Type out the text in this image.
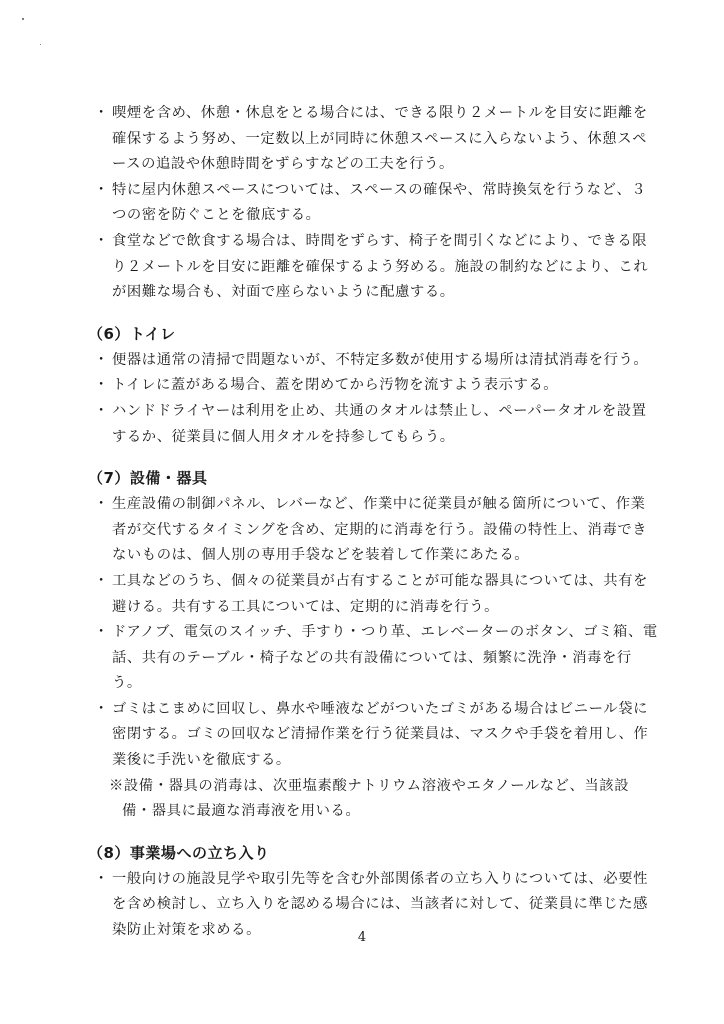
・ 喫煙を含め、休憩・休息をとる場合には、できる限り２メートルを目安に距離を確保するよう努め、一定数以上が同時に休憩スペースに入らないよう、休憩スペースの追設や休憩時間をずらすなどの工夫を行う。

・ 特に屋内休憩スペースについては、スペースの確保や、常時換気を行うなど、３つの密を防ぐことを徹底する。

・ 食堂などで飲食する場合は、時間をずらす、椅子を間引くなどにより、できる限り２メートルを目安に距離を確保するよう努める。施設の制約などにより、これが困難な場合も、対面で座らないように配慮する。

（6）トイレ

・ 便器は通常の清掃で問題ないが、不特定多数が使用する場所は清拭消毒を行う。

・ トイレに蓋がある場合、蓋を閉めてから汚物を流すよう表示する。

・ ハンドドライヤーは利用を止め、共通のタオルは禁止し、ペーパータオルを設置するか、従業員に個人用タオルを持参してもらう。

（7）設備・器具

・ 生産設備の制御パネル、レバーなど、作業中に従業員が触る箇所について、作業者が交代するタイミングを含め、定期的に消毒を行う。設備の特性上、消毒できないものは、個人別の専用手袋などを装着して作業にあたる。

・ 工具などのうち、個々の従業員が占有することが可能な器具については、共有を避ける。共有する工具については、定期的に消毒を行う。

・ ドアノブ、電気のスイッチ、手すり・つり革、エレベーターのボタン、ゴミ箱、電話、共有のテーブル・椅子などの共有設備については、頻繁に洗浄・消毒を行う。

・ ゴミはこまめに回収し、鼻水や唾液などがついたゴミがある場合はビニール袋に密閉する。ゴミの回収など清掃作業を行う従業員は、マスクや手袋を着用し、作業後に手洗いを徹底する。

※設備・器具の消毒は、次亜塩素酸ナトリウム溶液やエタノールなど、当該設備・器具に最適な消毒液を用いる。

（8）事業場への立ち入り

・ 一般向けの施設見学や取引先等を含む外部関係者の立ち入りについては、必要性を含め検討し、立ち入りを認める場合には、当該者に対して、従業員に準じた感染防止対策を求める。	4
